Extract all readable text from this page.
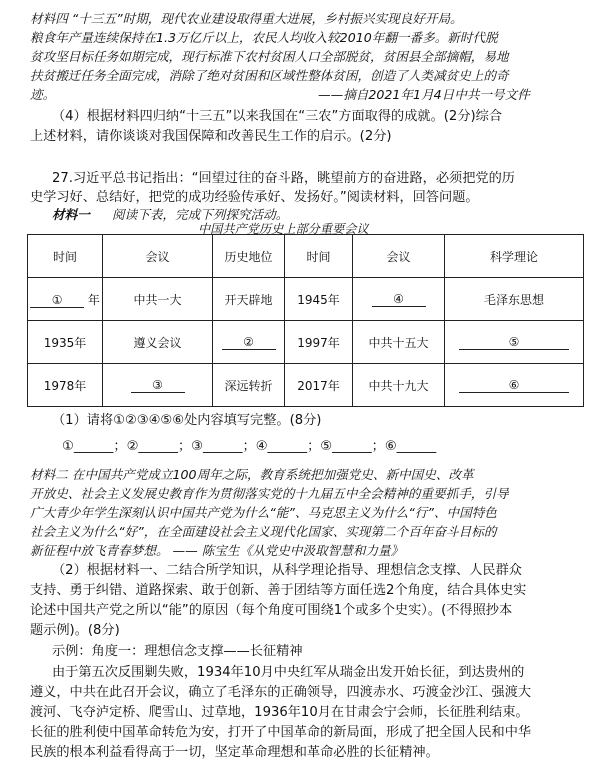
材料四 “十三五”时期，现代农业建设取得重大进展，乡村振兴实现良好开局。
粮食年产量连续保持在1.3万亿斤以上，农民人均收入较2010年翻一番多。新时代脱
贫攻坚目标任务如期完成，现行标准下农村贫困人口全部脱贫，贫困县全部摘帽，易地
扶贫搬迁任务全面完成，消除了绝对贫困和区域性整体贫困，创造了人类减贫史上的奇
迹。	——摘自2021年1月4日中共一号文件
（4）根据材料四归纳“十三五”以来我国在“三农”方面取得的成就。(2分)综合
上述材料，请你谈谈对我国保障和改善民生工作的启示。(2分)
27.习近平总书记指出：“回望过往的奋斗路，眺望前方的奋进路，必须把党的历
史学习好、总结好，把党的成功经验传承好、发扬好。”阅读材料，回答问题。
材料一 阅读下表，完成下列探究活动。
中国共产党历史上部分重要会议
时间	会议	历史地位	时间	会议	科学理论
① 年	中共一大	开天辟地	1945年	④	毛泽东思想
1935年	遵义会议	②	1997年	中共十五大	⑤
1978年	③	深远转折	2017年	中共十九大	⑥
（1）请将①②③④⑤⑥处内容填写完整。(8分)
①______；②______；③______；④______；⑤______；⑥______
材料二 在中国共产党成立100周年之际，教育系统把加强党史、新中国史、改革
开放史、社会主义发展史教育作为贯彻落实党的十九届五中全会精神的重要抓手，引导
广大青少年学生深刻认识中国共产党为什么“能”、马克思主义为什么“行”、中国特色
社会主义为什么“好”，在全面建设社会主义现代化国家、实现第二个百年奋斗目标的
新征程中放飞青春梦想。 —— 陈宝生《从党史中汲取智慧和力量》
（2）根据材料一、二结合所学知识，从科学理论指导、理想信念支撑、人民群众
支持、勇于纠错、道路探索、敢于创新、善于团结等方面任选2个角度，结合具体史实
论述中国共产党之所以“能”的原因（每个角度可围绕1个或多个史实）。(不得照抄本
题示例)。(8分)
示例：角度一：理想信念支撑——长征精神
由于第五次反围剿失败，1934年10月中央红军从瑞金出发开始长征，到达贵州的
遵义，中共在此召开会议，确立了毛泽东的正确领导，四渡赤水、巧渡金沙江、强渡大
渡河、飞夺泸定桥、爬雪山、过草地，1936年10月在甘肃会宁会师，长征胜利结束。
长征的胜利使中国革命转危为安，打开了中国革命的新局面，形成了把全国人民和中华
民族的根本利益看得高于一切，坚定革命理想和革命必胜的长征精神。
